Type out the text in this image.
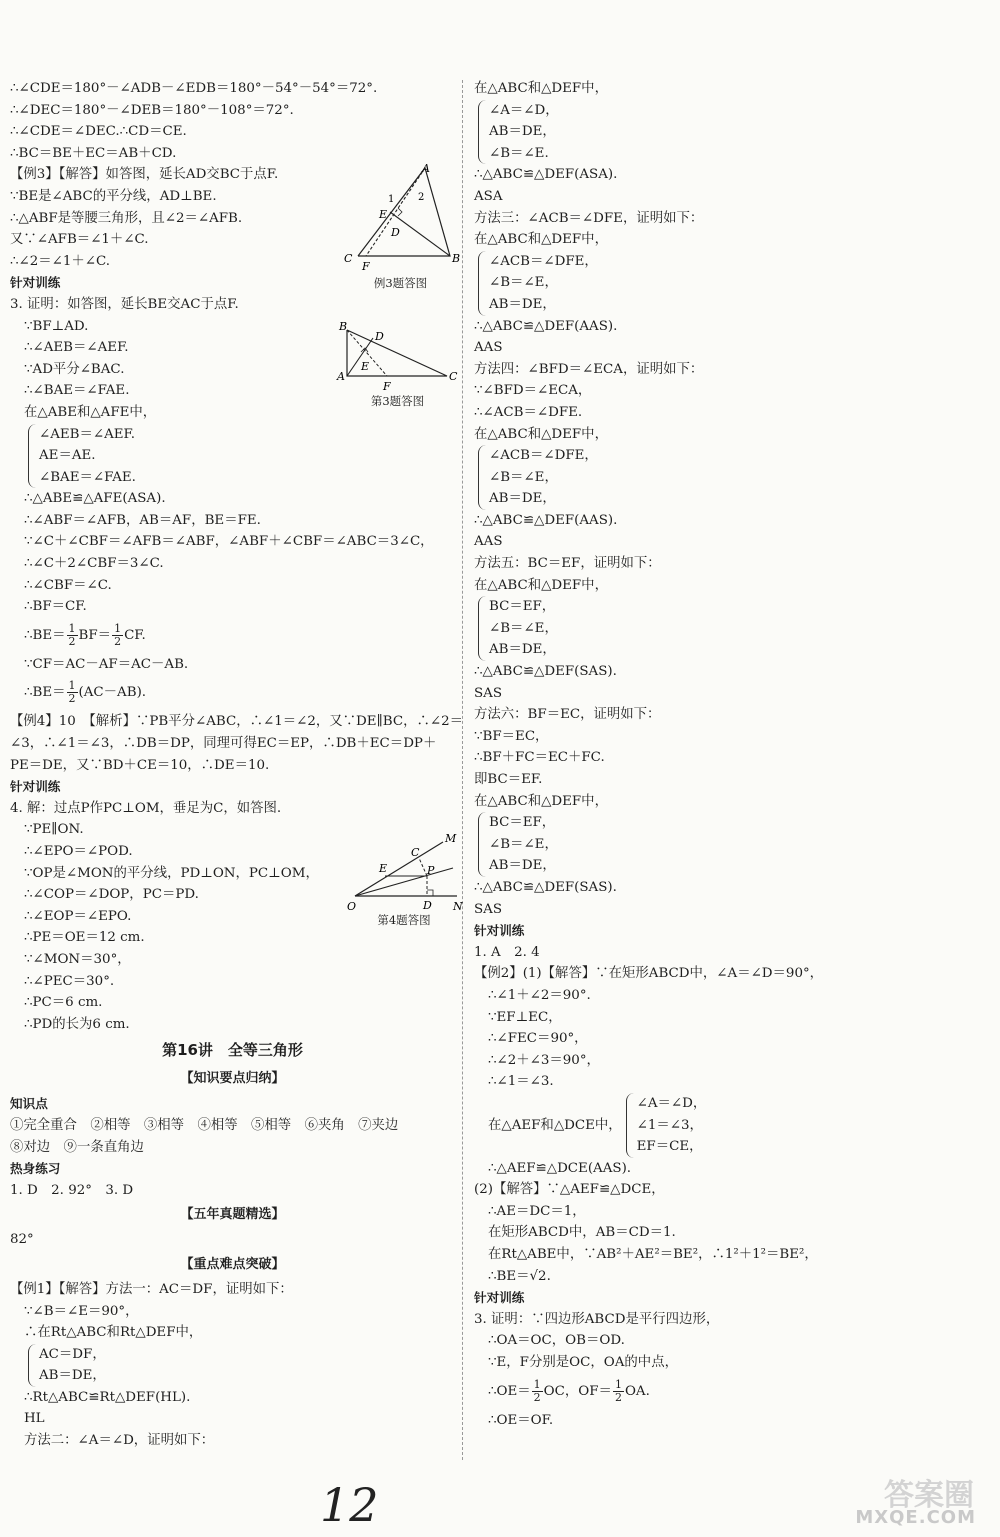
∴∠CDE＝180°－∠ADB－∠EDB＝180°－54°－54°＝72°.
∴∠DEC＝180°－∠DEB＝180°－108°＝72°.
∴∠CDE＝∠DEC.∴CD＝CE.
∴BC＝BE＋EC＝AB＋CD.
【例3】【解答】如答图，延长AD交BC于点F.
∵BE是∠ABC的平分线，AD⊥BE.
∴△ABF是等腰三角形，且∠2＝∠AFB.
又∵∠AFB＝∠1＋∠C.
∴∠2＝∠1＋∠C.
针对训练
3. 证明：如答图，延长BE交AC于点F.
∵BF⊥AD.
∴∠AEB＝∠AEF.
∵AD平分∠BAC.
∴∠BAE＝∠FAE.
在△ABE和△AFE中，
∠AEB＝∠AEF.
AE＝AE.
∠BAE＝∠FAE.
∴△ABE≌△AFE(ASA).
∴∠ABF＝∠AFB，AB＝AF，BE＝FE.
∵∠C＋∠CBF＝∠AFB＝∠ABF，∠ABF＋∠CBF＝∠ABC＝3∠C，
∴∠C＋2∠CBF＝3∠C.
∴∠CBF＝∠C.
∴BF＝CF.
∴BE＝ $\frac{1}{2} BF= \frac{1}{2}$ CF.
∵CF＝AC－AF＝AC－AB.
∴BE＝ $\frac{1}{2} (AC-AB)$.
【例4】10　【解析】∵PB平分∠ABC，∴∠1＝∠2，又∵DE∥BC，∴∠2＝
∠3，∴∠1＝∠3，∴DB＝DP，同理可得EC＝EP，∴DB＋EC＝DP＋
PE＝DE，又∵BD＋CE＝10，∴DE＝10.
针对训练
4. 解：过点P作PC⊥OM，垂足为C，如答图.
∵PE∥ON.
∴∠EPO＝∠POD.
∵OP是∠MON的平分线，PD⊥ON，PC⊥OM，
∴∠COP＝∠DOP，PC＝PD.
∴∠EOP＝∠EPO.
∴PE＝OE＝12 cm.
∵∠MON＝30°，
∴∠PEC＝30°.
∴PC＝6 cm.
∴PD的长为6 cm.
第16讲　全等三角形
【知识要点归纳】
知识点
①完全重合　②相等　③相等　④相等　⑤相等　⑥夹角　⑦夹边
⑧对边　⑨一条直角边
热身练习
1. D　2. 92°　3. D
【五年真题精选】
82°
【重点难点突破】
【例1】【解答】方法一：AC＝DF，证明如下：
∵∠B＝∠E＝90°，
∴在Rt△ABC和Rt△DEF中，
AC＝DF，
AB＝DE，
∴Rt△ABC≌Rt△DEF(HL).
HL
方法二：∠A＝∠D，证明如下：
A
B
C
D
E
F
1 2
例3题答图
B
D
A	C
E
F
第3题答图
M
N
O
P
D
E
C
第4题答图
在△ABC和△DEF中，
∠A＝∠D，
AB＝DE，
∠B＝∠E.
∴△ABC≌△DEF(ASA).
ASA
方法三：∠ACB＝∠DFE，证明如下：
在△ABC和△DEF中，
∠ACB＝∠DFE，
∠B＝∠E，
AB＝DE，
∴△ABC≌△DEF(AAS).
AAS
方法四：∠BFD＝∠ECA，证明如下：
∵∠BFD＝∠ECA，
∴∠ACB＝∠DFE.
在△ABC和△DEF中，
∠ACB＝∠DFE，
∠B＝∠E，
AB＝DE，
∴△ABC≌△DEF(AAS).
AAS
方法五：BC＝EF，证明如下：
在△ABC和△DEF中，
BC＝EF，
∠B＝∠E，
AB＝DE，
∴△ABC≌△DEF(SAS).
SAS
方法六：BF＝EC，证明如下：
∵BF＝EC，
∴BF＋FC＝EC＋FC.
即BC＝EF.
在△ABC和△DEF中，
BC＝EF，
∠B＝∠E，
AB＝DE，
∴△ABC≌△DEF(SAS).
SAS
针对训练
1. A　2. 4
【例2】(1)【解答】∵在矩形ABCD中，∠A＝∠D＝90°，
∴∠1＋∠2＝90°.
∵EF⊥EC，
∴∠FEC＝90°，
∴∠2＋∠3＝90°，
∴∠1＝∠3.
在△AEF和△DCE中，
∠A＝∠D，
∠1＝∠3，
EF＝CE，
∴△AEF≌△DCE(AAS).
(2)【解答】∵△AEF≌△DCE，
∴AE＝DC＝1，
在矩形ABCD中，AB＝CD＝1.
在Rt△ABE中，∵AB²＋AE²＝BE²，∴1²＋1²＝BE²，
∴BE＝√2.
针对训练
3. 证明：∵四边形ABCD是平行四边形，
∴OA＝OC，OB＝OD.
∵E，F分别是OC，OA的中点，
∴OE＝ $\frac{1}{2}$ OC，$OF= \frac{1}{2}$ OA.
∴OE＝OF.
12	答案圈
MXQE.COM
